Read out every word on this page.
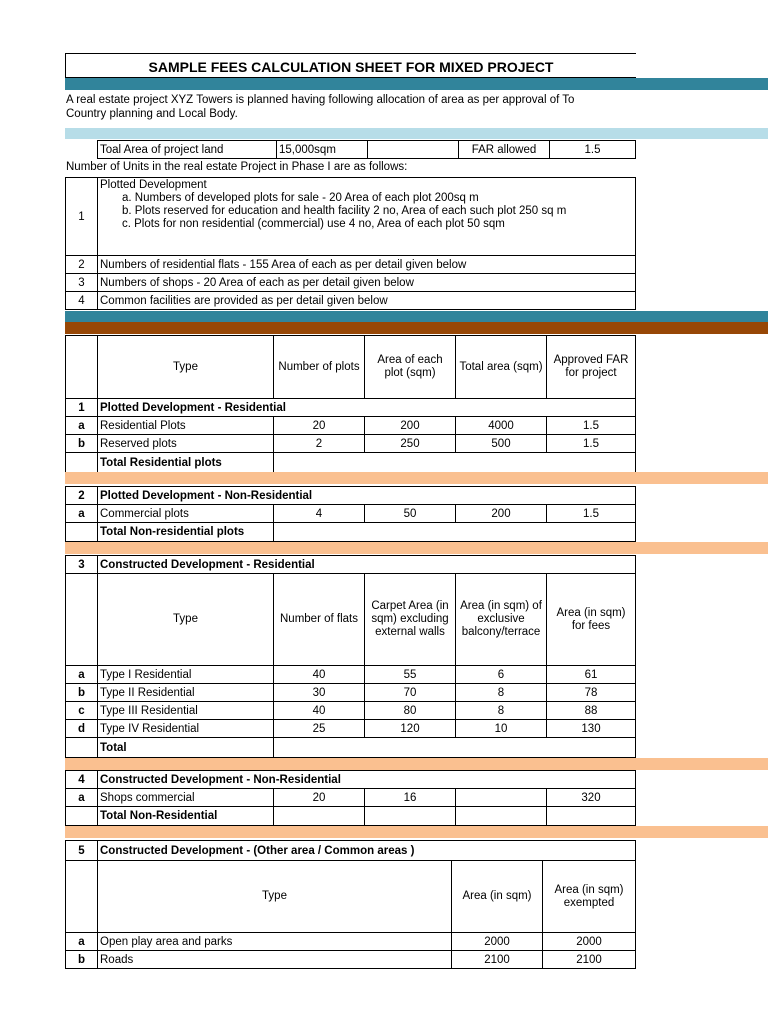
SAMPLE FEES CALCULATION SHEET FOR MIXED PROJECT
A real estate project XYZ Towers is planned having following allocation of area as per approval of To
Country planning and Local Body.
Toal Area of project land	15,000sqm		FAR allowed	1.5
Number of Units in the real estate Project in Phase I are as follows:
1	Plotted Development
a. Numbers of developed plots for sale - 20 Area of each plot 200sq m
b. Plots reserved for education and health facility 2 no, Area of each such plot 250 sq m
c. Plots for non residential (commercial) use 4 no, Area of each plot 50 sqm

2	Numbers of residential flats - 155 Area of each as per detail given below
3	Numbers of shops - 20 Area of each as per detail given below
4	Common facilities are provided as per detail given below
	Type	Number of plots	Area of each plot (sqm)	Total area (sqm)	Approved FAR for project
1	Plotted Development - Residential				
a	Residential Plots	20	200	4000	1.5
b	Reserved plots	2	250	500	1.5
	Total Residential plots				
2	Plotted Development - Non-Residential				
a	Commercial plots	4	50	200	1.5
	Total Non-residential plots				
3	Constructed Development - Residential				
	Type	Number of flats	Carpet Area (in sqm) excluding external walls	Area (in sqm) of exclusive balcony/terrace	Area (in sqm) for fees
a	Type I Residential	40	55	6	61
b	Type II Residential	30	70	8	78
c	Type III Residential	40	80	8	88
d	Type IV Residential	25	120	10	130
	Total				
4	Constructed Development - Non-Residential				
a	Shops commercial	20	16		320
	Total Non-Residential				
5	Constructed Development - (Other area / Common areas )		
	Type	Area (in sqm)	Area (in sqm) exempted
a	Open play area and parks	2000	2000
b	Roads	2100	2100
